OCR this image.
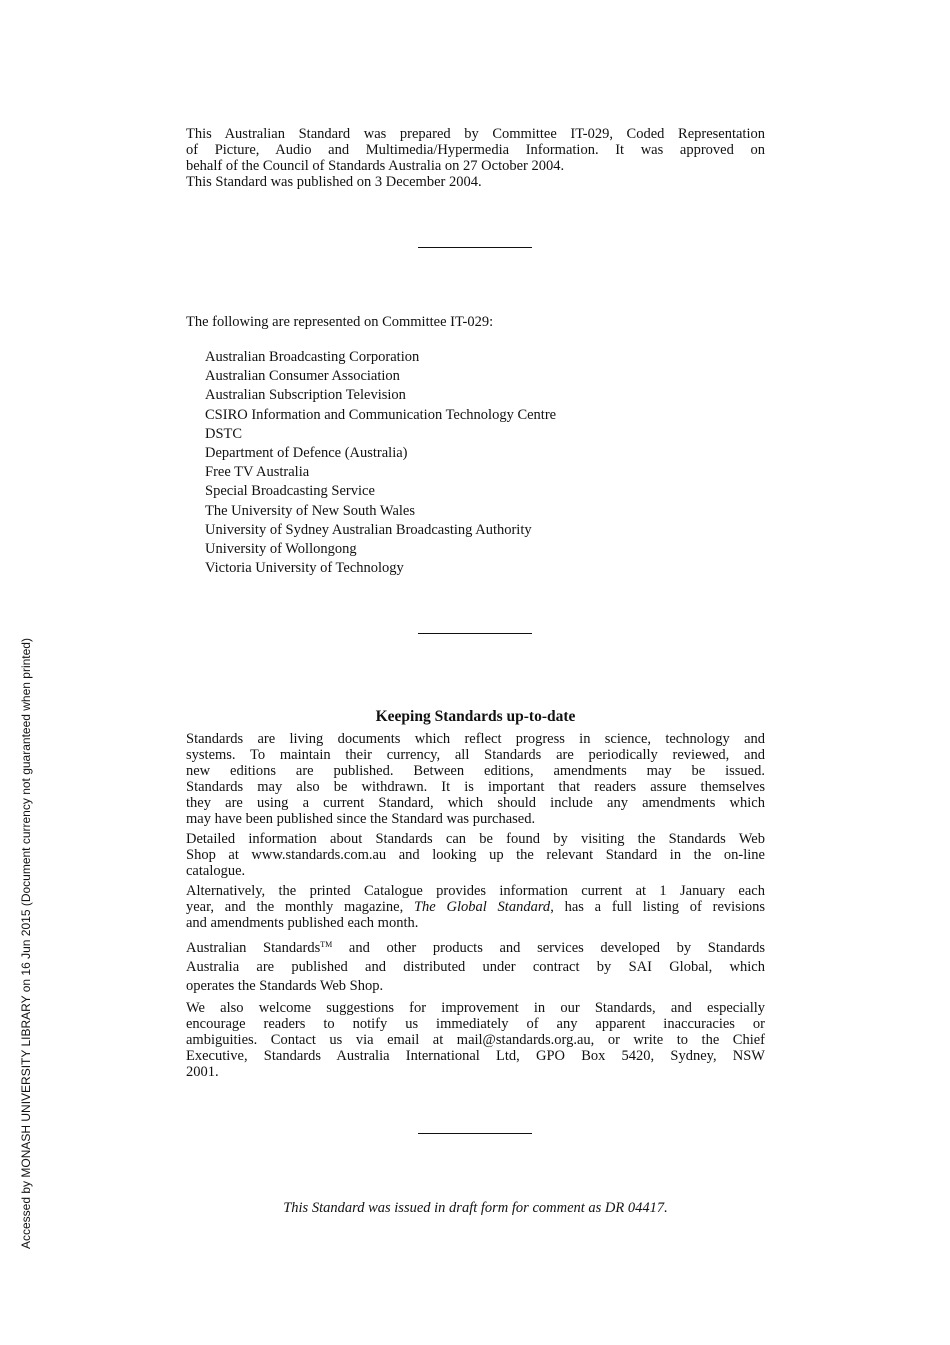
This Australian Standard was prepared by Committee IT-029, Coded Representation
of Picture, Audio and Multimedia/Hypermedia Information. It was approved on
behalf of the Council of Standards Australia on 27 October 2004.
This Standard was published on 3 December 2004.
The following are represented on Committee IT-029:
Australian Broadcasting Corporation
Australian Consumer Association
Australian Subscription Television
CSIRO Information and Communication Technology Centre
DSTC
Department of Defence (Australia)
Free TV Australia
Special Broadcasting Service
The University of New South Wales
University of Sydney Australian Broadcasting Authority
University of Wollongong
Victoria University of Technology
Keeping Standards up-to-date

Standards are living documents which reflect progress in science, technology and
systems. To maintain their currency, all Standards are periodically reviewed, and
new editions are published. Between editions, amendments may be issued.
Standards may also be withdrawn. It is important that readers assure themselves
they are using a current Standard, which should include any amendments which
may have been published since the Standard was purchased.

Detailed information about Standards can be found by visiting the Standards Web
Shop at www.standards.com.au and looking up the relevant Standard in the on-line
catalogue.

Alternatively, the printed Catalogue provides information current at 1 January each
year, and the monthly magazine, The Global Standard, has a full listing of revisions
and amendments published each month.

Australian Standards™ and other products and services developed by Standards
Australia are published and distributed under contract by SAI Global, which
operates the Standards Web Shop.

We also welcome suggestions for improvement in our Standards, and especially
encourage readers to notify us immediately of any apparent inaccuracies or
ambiguities. Contact us via email at mail@standards.org.au, or write to the Chief
Executive, Standards Australia International Ltd, GPO Box 5420, Sydney, NSW
2001.

This Standard was issued in draft form for comment as DR 04417.
Accessed by MONASH UNIVERSITY LIBRARY on 16 Jun 2015 (Document currency not guaranteed when printed)
